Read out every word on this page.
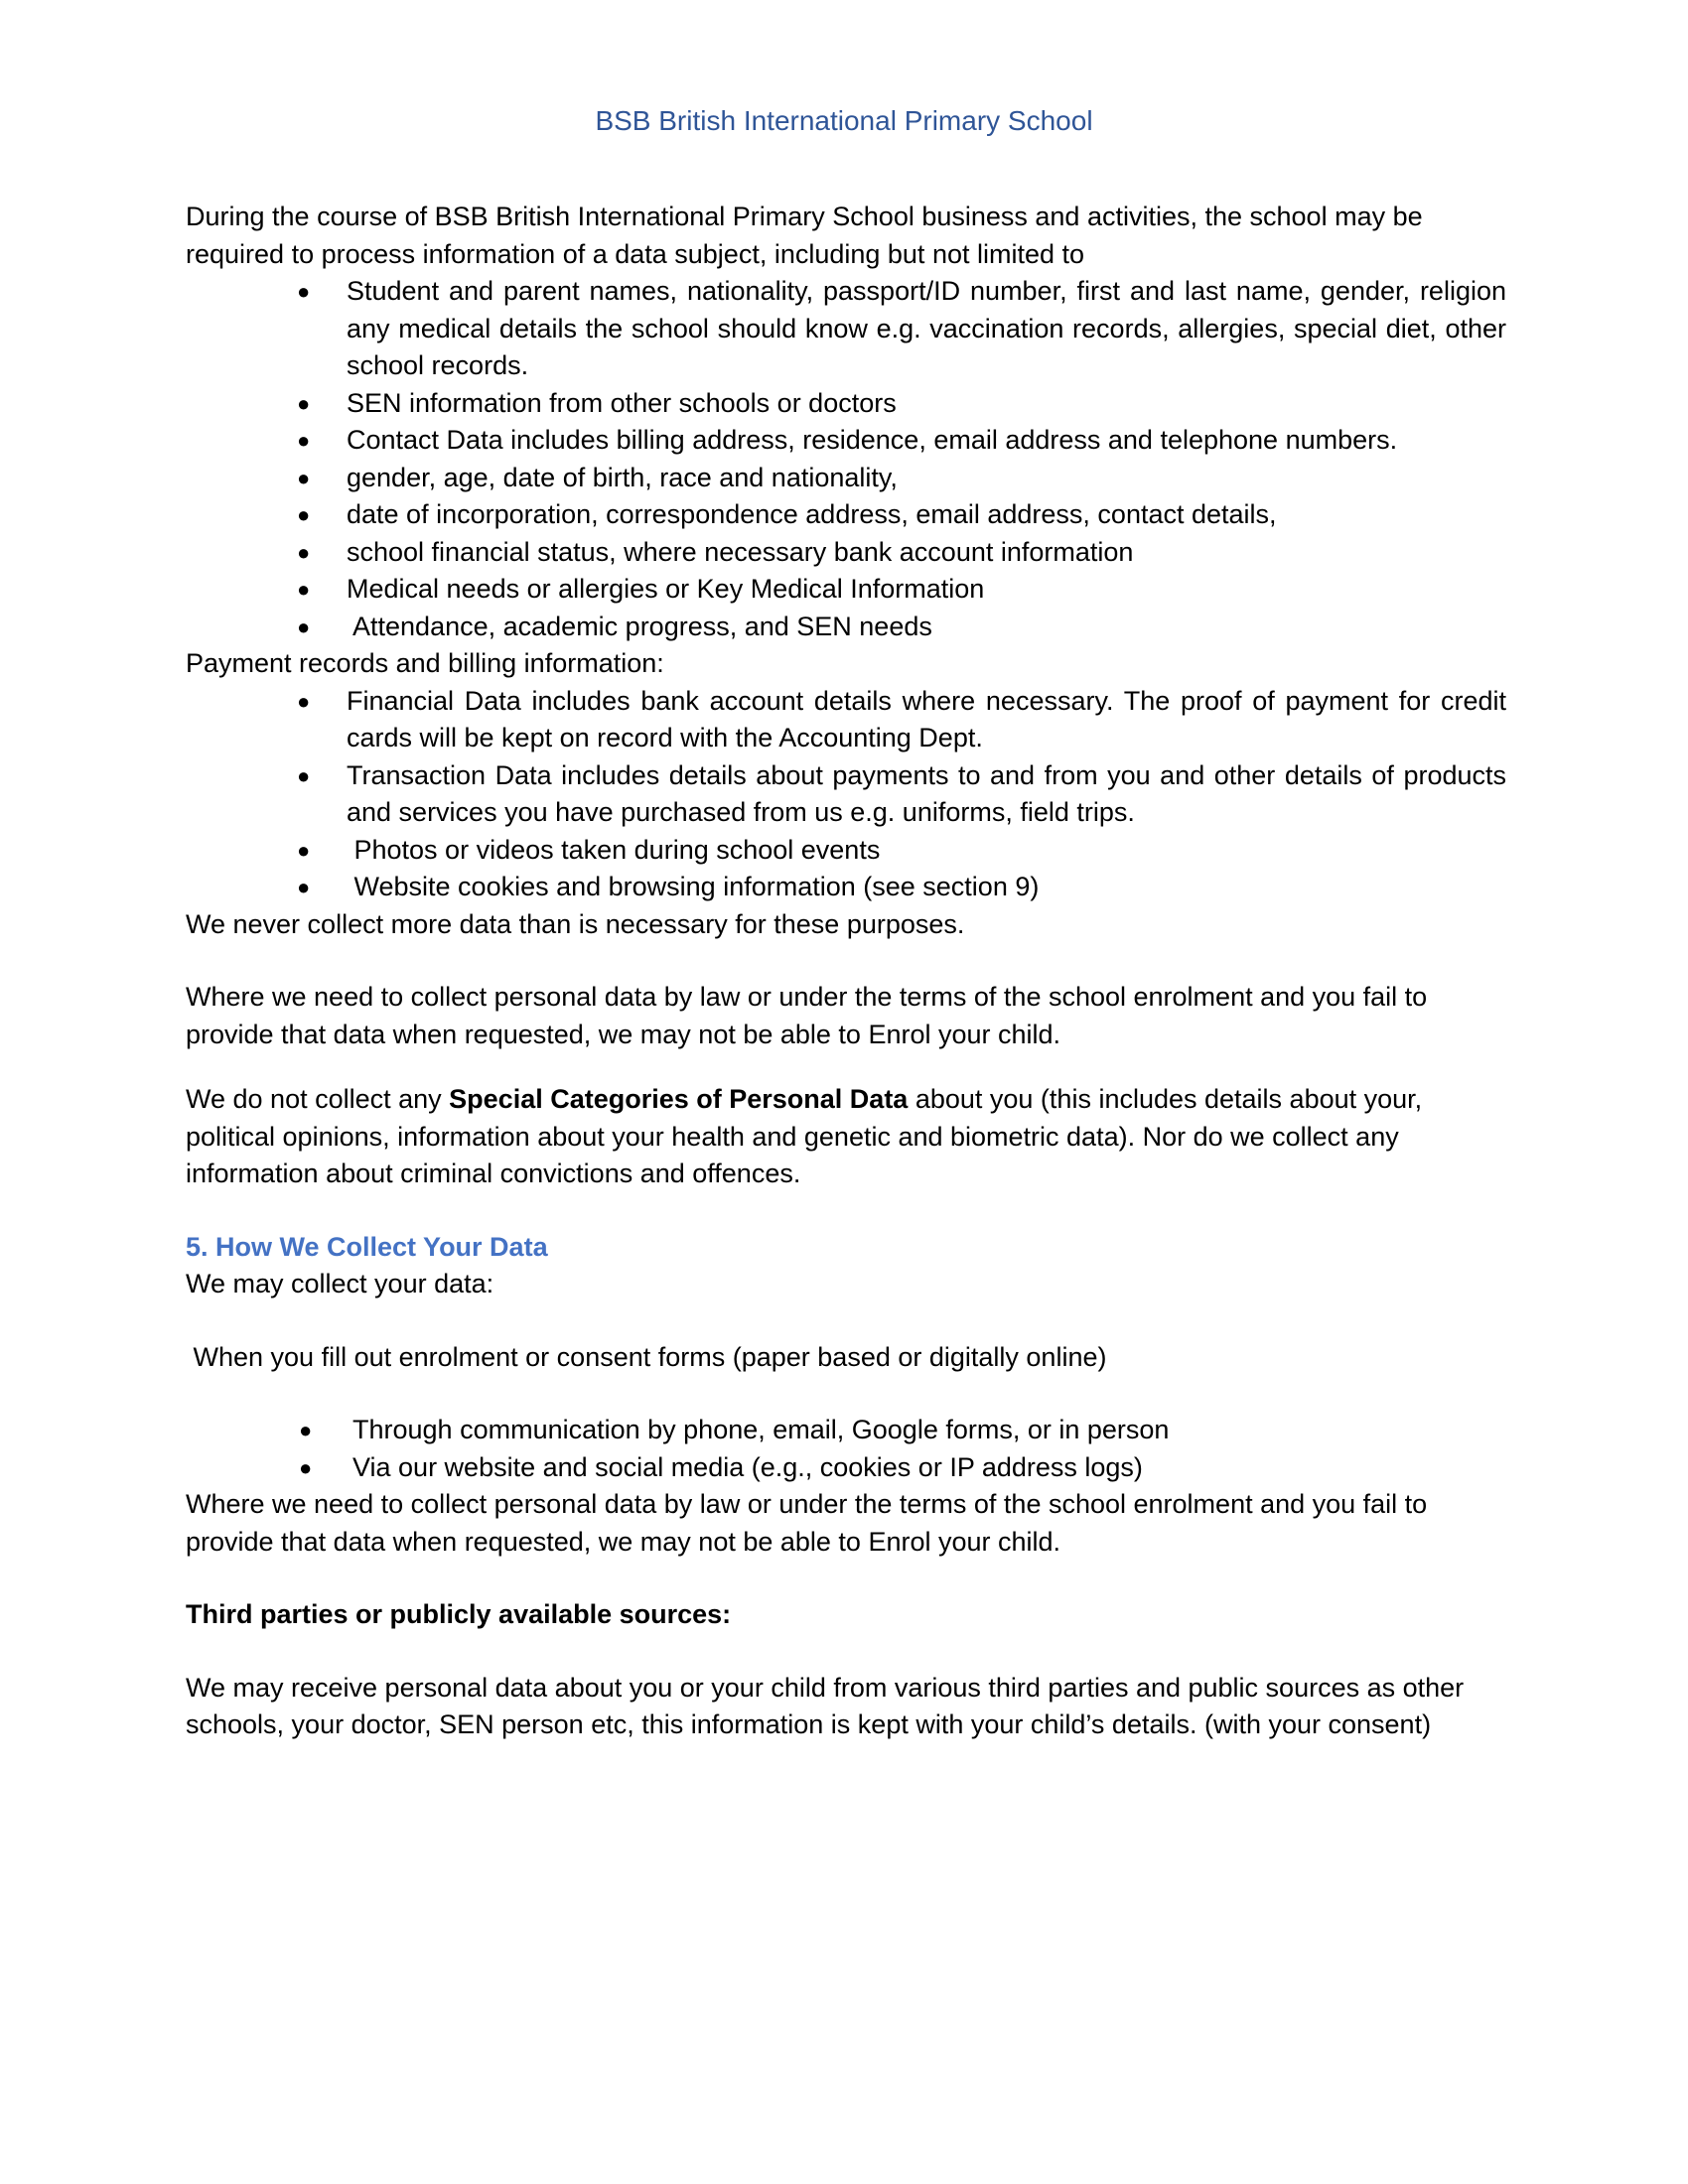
BSB British International Primary School

During the course of BSB British International Primary School business and activities, the school may be required to process information of a data subject, including but not limited to

● Student and parent names, nationality, passport/ID number, first and last name, gender, religion any medical details the school should know e.g. vaccination records, allergies, special diet, other school records.
● SEN information from other schools or doctors
● Contact Data includes billing address, residence, email address and telephone numbers.
● gender, age, date of birth, race and nationality,
● date of incorporation, correspondence address, email address, contact details,
● school financial status, where necessary bank account information
● Medical needs or allergies or Key Medical Information
● Attendance, academic progress, and SEN needs

Payment records and billing information:

● Financial Data includes bank account details where necessary. The proof of payment for credit cards will be kept on record with the Accounting Dept.
● Transaction Data includes details about payments to and from you and other details of products and services you have purchased from us e.g. uniforms, field trips.
● Photos or videos taken during school events
● Website cookies and browsing information (see section 9)

We never collect more data than is necessary for these purposes.

Where we need to collect personal data by law or under the terms of the school enrolment and you fail to provide that data when requested, we may not be able to Enrol your child.

We do not collect any Special Categories of Personal Data about you (this includes details about your, political opinions, information about your health and genetic and biometric data). Nor do we collect any information about criminal convictions and offences.

5. How We Collect Your Data

We may collect your data:

When you fill out enrolment or consent forms (paper based or digitally online)

● Through communication by phone, email, Google forms, or in person
● Via our website and social media (e.g., cookies or IP address logs)

Where we need to collect personal data by law or under the terms of the school enrolment and you fail to provide that data when requested, we may not be able to Enrol your child.

Third parties or publicly available sources:

We may receive personal data about you or your child from various third parties and public sources as other schools, your doctor, SEN person etc, this information is kept with your child’s details. (with your consent)
